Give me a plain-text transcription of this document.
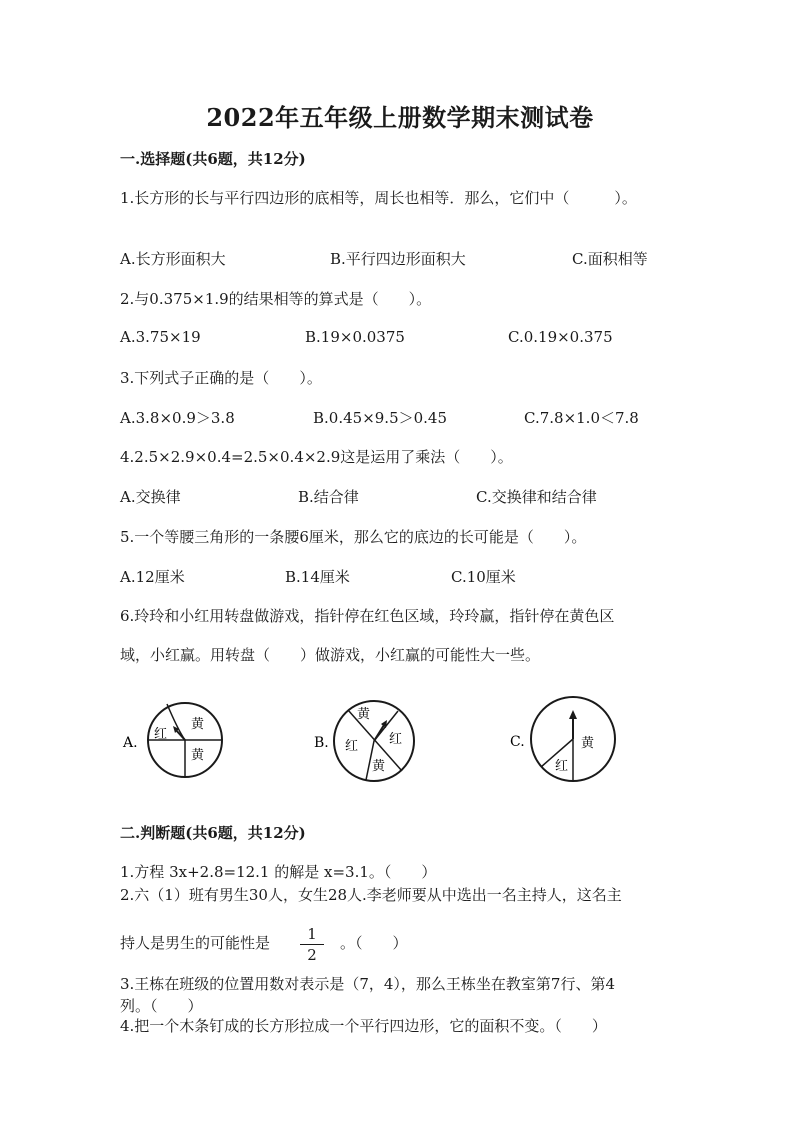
2022年五年级上册数学期末测试卷
一.选择题(共6题，共12分)
1.长方形的长与平行四边形的底相等，周长也相等．那么，它们中（　　　）。
A.长方形面积大	B.平行四边形面积大	C.面积相等
2.与0.375×1.9的结果相等的算式是（　　）。
A.3.75×19	B.19×0.0375	C.0.19×0.375
3.下列式子正确的是（　　）。
A.3.8×0.9＞3.8	B.0.45×9.5＞0.45	C.7.8×1.0＜7.8
4.2.5×2.9×0.4=2.5×0.4×2.9这是运用了乘法（　　）。
A.交换律	B.结合律	C.交换律和结合律
5.一个等腰三角形的一条腰6厘米，那么它的底边的长可能是（　　）。
A.12厘米	B.14厘米	C.10厘米
6.玲玲和小红用转盘做游戏，指针停在红色区域，玲玲赢，指针停在黄色区
域，小红赢。用转盘（　　）做游戏，小红赢的可能性大一些。
A.
红
黄
黄
B.
黄
红 红
黄
C.	黄
红
二.判断题(共6题，共12分)
1.方程 3x+2.8=12.1 的解是 x=3.1。（　　）
2.六（1）班有男生30人，女生28人.李老师要从中选出一名主持人，这名主
持人是男生的可能性是	1
2
。（　　）
3.王栋在班级的位置用数对表示是（7，4），那么王栋坐在教室第7行、第4
列。（　　）
4.把一个木条钉成的长方形拉成一个平行四边形，它的面积不变。（　　）
